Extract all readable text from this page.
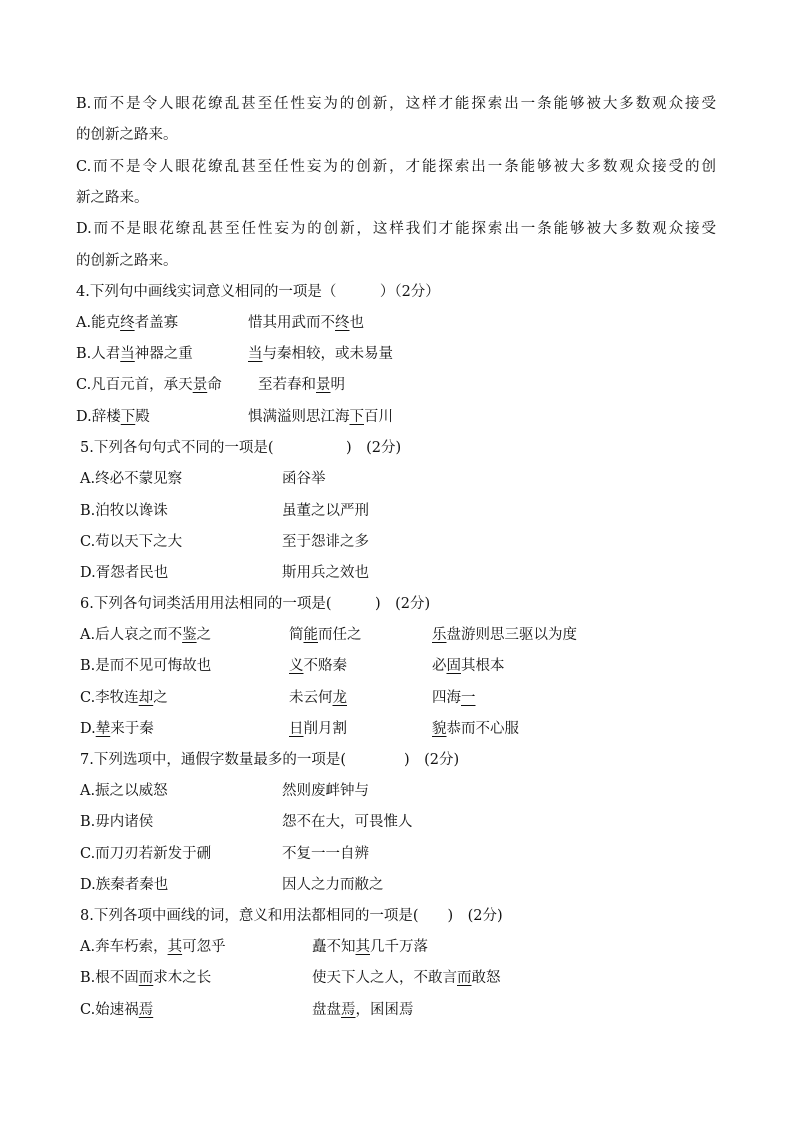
B.而不是令人眼花缭乱甚至任性妄为的创新，这样才能探索出一条能够被大多数观众接受
的创新之路来。
C.而不是令人眼花缭乱甚至任性妄为的创新，才能探索出一条能够被大多数观众接受的创
新之路来。
D.而不是眼花缭乱甚至任性妄为的创新，这样我们才能探索出一条能够被大多数观众接受
的创新之路来。
4.下列句中画线实词意义相同的一项是（　　　）（2分）
A.能克终者盖寡	惜其用武而不终也
B.人君当神器之重	当与秦相较，或未易量
C.凡百元首，承天景命	至若春和景明
D.辞楼下殿	惧满溢则思江海下百川
5.下列各句句式不同的一项是(　　　　　)　(2分)
A.终必不蒙见察	函谷举
B.泊牧以谗诛	虽董之以严刑
C.苟以天下之大	至于怨诽之多
D.胥怨者民也	斯用兵之效也
6.下列各句词类活用用法相同的一项是(　　　)　(2分)
A.后人哀之而不鉴之	简能而任之	乐盘游则思三驱以为度
B.是而不见可悔故也	义不赂秦	必固其根本
C.李牧连却之	未云何龙	四海一
D.辇来于秦	日削月割	貌恭而不心服
7.下列选项中，通假字数量最多的一项是(　　　　)　(2分)
A.振之以威怒	然则废衅钟与
B.毋内诸侯	怨不在大，可畏惟人
C.而刀刃若新发于硎	不复一一自辨
D.族秦者秦也	因人之力而敝之
8.下列各项中画线的词，意义和用法都相同的一项是(　　)　(2分)
A.奔车朽索，其可忽乎	矗不知其几千万落
B.根不固而求木之长	使天下人之人，不敢言而敢怒
C.始速祸焉	盘盘焉，囷囷焉
